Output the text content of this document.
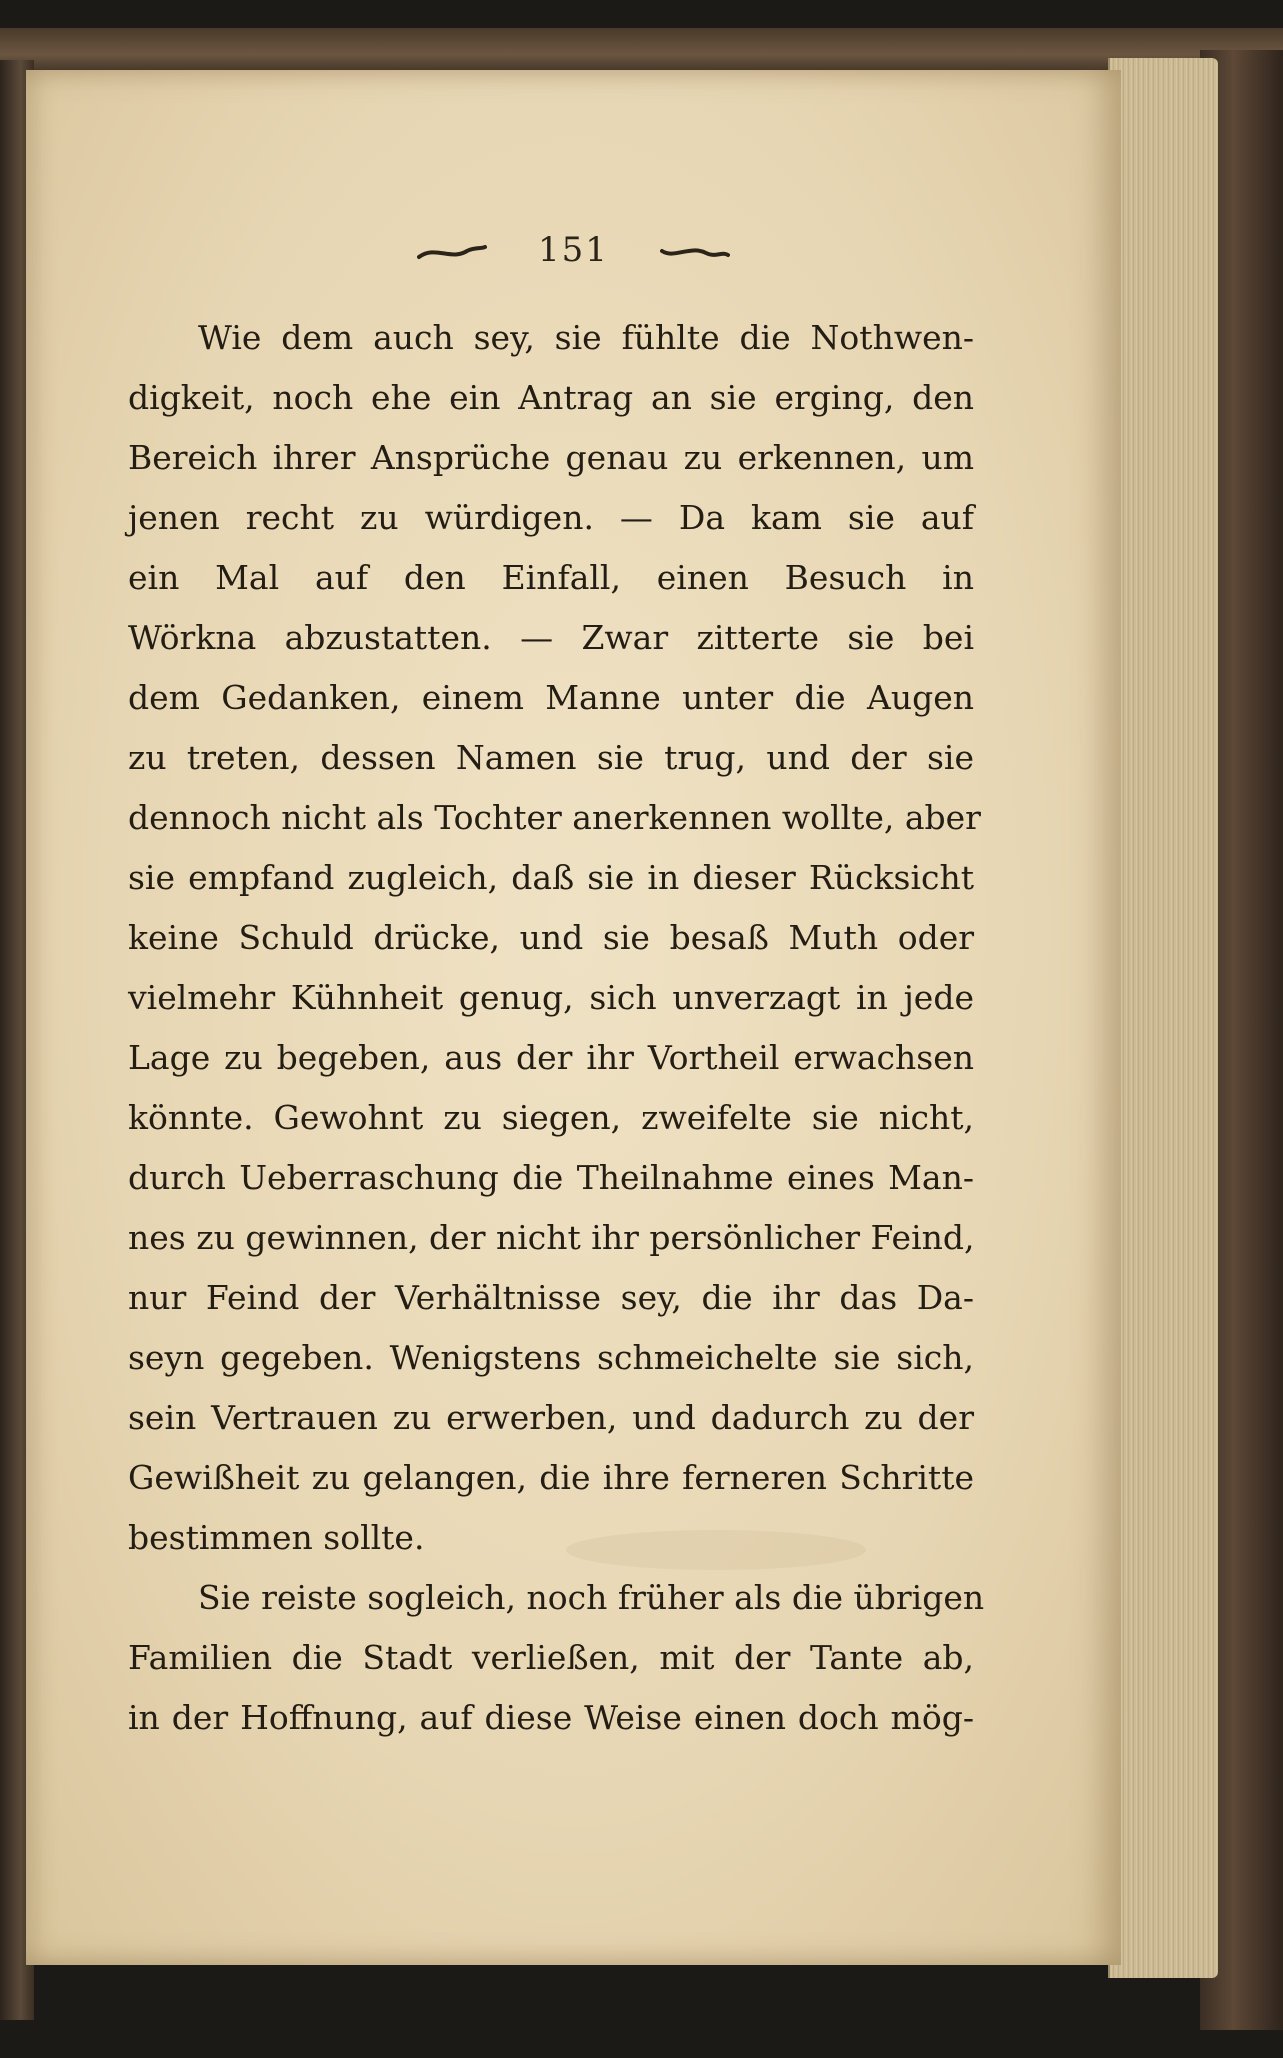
151
Wie dem auch sey, sie fühlte die Nothwen-
digkeit, noch ehe ein Antrag an sie erging, den
Bereich ihrer Ansprüche genau zu erkennen, um
jenen recht zu würdigen. — Da kam sie auf
ein Mal auf den Einfall, einen Besuch in
Wörkna abzustatten. — Zwar zitterte sie bei
dem Gedanken, einem Manne unter die Augen
zu treten, dessen Namen sie trug, und der sie
dennoch nicht als Tochter anerkennen wollte, aber
sie empfand zugleich, daß sie in dieser Rücksicht
keine Schuld drücke, und sie besaß Muth oder
vielmehr Kühnheit genug, sich unverzagt in jede
Lage zu begeben, aus der ihr Vortheil erwachsen
könnte. Gewohnt zu siegen, zweifelte sie nicht,
durch Ueberraschung die Theilnahme eines Man-
nes zu gewinnen, der nicht ihr persönlicher Feind,
nur Feind der Verhältnisse sey, die ihr das Da-
seyn gegeben. Wenigstens schmeichelte sie sich,
sein Vertrauen zu erwerben, und dadurch zu der
Gewißheit zu gelangen, die ihre ferneren Schritte
bestimmen sollte.
Sie reiste sogleich, noch früher als die übrigen
Familien die Stadt verließen, mit der Tante ab,
in der Hoffnung, auf diese Weise einen doch mög-
